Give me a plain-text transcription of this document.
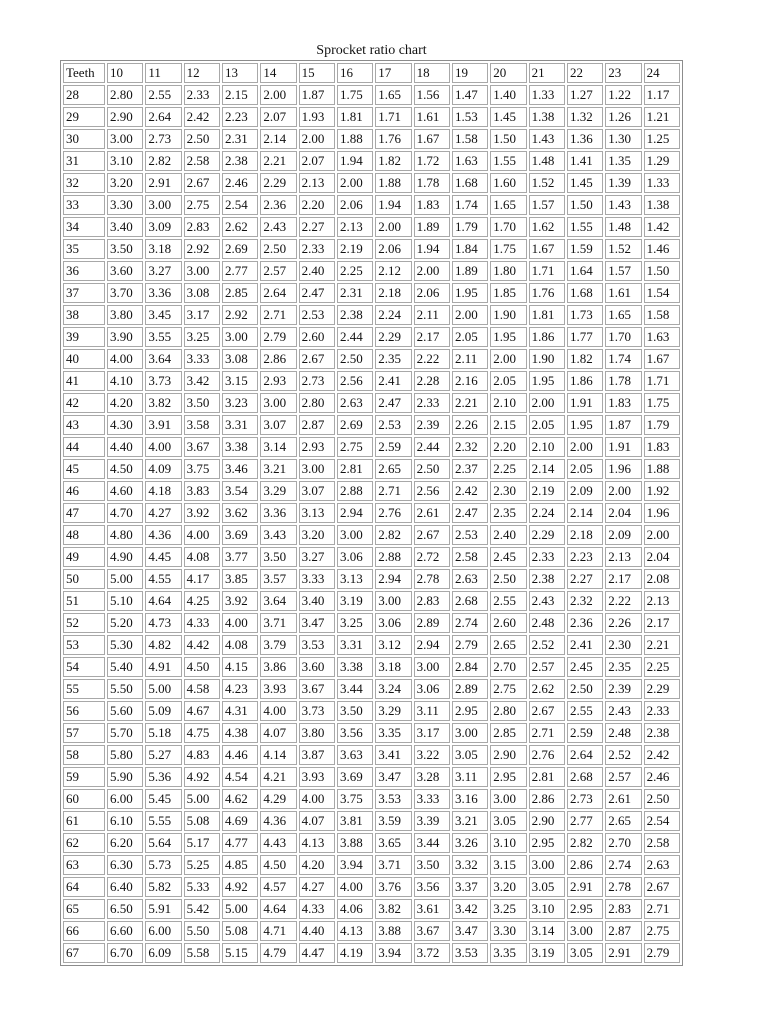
Sprocket ratio chart
Teeth	10	11	12	13	14	15	16	17	18	19	20	21	22	23	24
28	2.80	2.55	2.33	2.15	2.00	1.87	1.75	1.65	1.56	1.47	1.40	1.33	1.27	1.22	1.17
29	2.90	2.64	2.42	2.23	2.07	1.93	1.81	1.71	1.61	1.53	1.45	1.38	1.32	1.26	1.21
30	3.00	2.73	2.50	2.31	2.14	2.00	1.88	1.76	1.67	1.58	1.50	1.43	1.36	1.30	1.25
31	3.10	2.82	2.58	2.38	2.21	2.07	1.94	1.82	1.72	1.63	1.55	1.48	1.41	1.35	1.29
32	3.20	2.91	2.67	2.46	2.29	2.13	2.00	1.88	1.78	1.68	1.60	1.52	1.45	1.39	1.33
33	3.30	3.00	2.75	2.54	2.36	2.20	2.06	1.94	1.83	1.74	1.65	1.57	1.50	1.43	1.38
34	3.40	3.09	2.83	2.62	2.43	2.27	2.13	2.00	1.89	1.79	1.70	1.62	1.55	1.48	1.42
35	3.50	3.18	2.92	2.69	2.50	2.33	2.19	2.06	1.94	1.84	1.75	1.67	1.59	1.52	1.46
36	3.60	3.27	3.00	2.77	2.57	2.40	2.25	2.12	2.00	1.89	1.80	1.71	1.64	1.57	1.50
37	3.70	3.36	3.08	2.85	2.64	2.47	2.31	2.18	2.06	1.95	1.85	1.76	1.68	1.61	1.54
38	3.80	3.45	3.17	2.92	2.71	2.53	2.38	2.24	2.11	2.00	1.90	1.81	1.73	1.65	1.58
39	3.90	3.55	3.25	3.00	2.79	2.60	2.44	2.29	2.17	2.05	1.95	1.86	1.77	1.70	1.63
40	4.00	3.64	3.33	3.08	2.86	2.67	2.50	2.35	2.22	2.11	2.00	1.90	1.82	1.74	1.67
41	4.10	3.73	3.42	3.15	2.93	2.73	2.56	2.41	2.28	2.16	2.05	1.95	1.86	1.78	1.71
42	4.20	3.82	3.50	3.23	3.00	2.80	2.63	2.47	2.33	2.21	2.10	2.00	1.91	1.83	1.75
43	4.30	3.91	3.58	3.31	3.07	2.87	2.69	2.53	2.39	2.26	2.15	2.05	1.95	1.87	1.79
44	4.40	4.00	3.67	3.38	3.14	2.93	2.75	2.59	2.44	2.32	2.20	2.10	2.00	1.91	1.83
45	4.50	4.09	3.75	3.46	3.21	3.00	2.81	2.65	2.50	2.37	2.25	2.14	2.05	1.96	1.88
46	4.60	4.18	3.83	3.54	3.29	3.07	2.88	2.71	2.56	2.42	2.30	2.19	2.09	2.00	1.92
47	4.70	4.27	3.92	3.62	3.36	3.13	2.94	2.76	2.61	2.47	2.35	2.24	2.14	2.04	1.96
48	4.80	4.36	4.00	3.69	3.43	3.20	3.00	2.82	2.67	2.53	2.40	2.29	2.18	2.09	2.00
49	4.90	4.45	4.08	3.77	3.50	3.27	3.06	2.88	2.72	2.58	2.45	2.33	2.23	2.13	2.04
50	5.00	4.55	4.17	3.85	3.57	3.33	3.13	2.94	2.78	2.63	2.50	2.38	2.27	2.17	2.08
51	5.10	4.64	4.25	3.92	3.64	3.40	3.19	3.00	2.83	2.68	2.55	2.43	2.32	2.22	2.13
52	5.20	4.73	4.33	4.00	3.71	3.47	3.25	3.06	2.89	2.74	2.60	2.48	2.36	2.26	2.17
53	5.30	4.82	4.42	4.08	3.79	3.53	3.31	3.12	2.94	2.79	2.65	2.52	2.41	2.30	2.21
54	5.40	4.91	4.50	4.15	3.86	3.60	3.38	3.18	3.00	2.84	2.70	2.57	2.45	2.35	2.25
55	5.50	5.00	4.58	4.23	3.93	3.67	3.44	3.24	3.06	2.89	2.75	2.62	2.50	2.39	2.29
56	5.60	5.09	4.67	4.31	4.00	3.73	3.50	3.29	3.11	2.95	2.80	2.67	2.55	2.43	2.33
57	5.70	5.18	4.75	4.38	4.07	3.80	3.56	3.35	3.17	3.00	2.85	2.71	2.59	2.48	2.38
58	5.80	5.27	4.83	4.46	4.14	3.87	3.63	3.41	3.22	3.05	2.90	2.76	2.64	2.52	2.42
59	5.90	5.36	4.92	4.54	4.21	3.93	3.69	3.47	3.28	3.11	2.95	2.81	2.68	2.57	2.46
60	6.00	5.45	5.00	4.62	4.29	4.00	3.75	3.53	3.33	3.16	3.00	2.86	2.73	2.61	2.50
61	6.10	5.55	5.08	4.69	4.36	4.07	3.81	3.59	3.39	3.21	3.05	2.90	2.77	2.65	2.54
62	6.20	5.64	5.17	4.77	4.43	4.13	3.88	3.65	3.44	3.26	3.10	2.95	2.82	2.70	2.58
63	6.30	5.73	5.25	4.85	4.50	4.20	3.94	3.71	3.50	3.32	3.15	3.00	2.86	2.74	2.63
64	6.40	5.82	5.33	4.92	4.57	4.27	4.00	3.76	3.56	3.37	3.20	3.05	2.91	2.78	2.67
65	6.50	5.91	5.42	5.00	4.64	4.33	4.06	3.82	3.61	3.42	3.25	3.10	2.95	2.83	2.71
66	6.60	6.00	5.50	5.08	4.71	4.40	4.13	3.88	3.67	3.47	3.30	3.14	3.00	2.87	2.75
67	6.70	6.09	5.58	5.15	4.79	4.47	4.19	3.94	3.72	3.53	3.35	3.19	3.05	2.91	2.79
